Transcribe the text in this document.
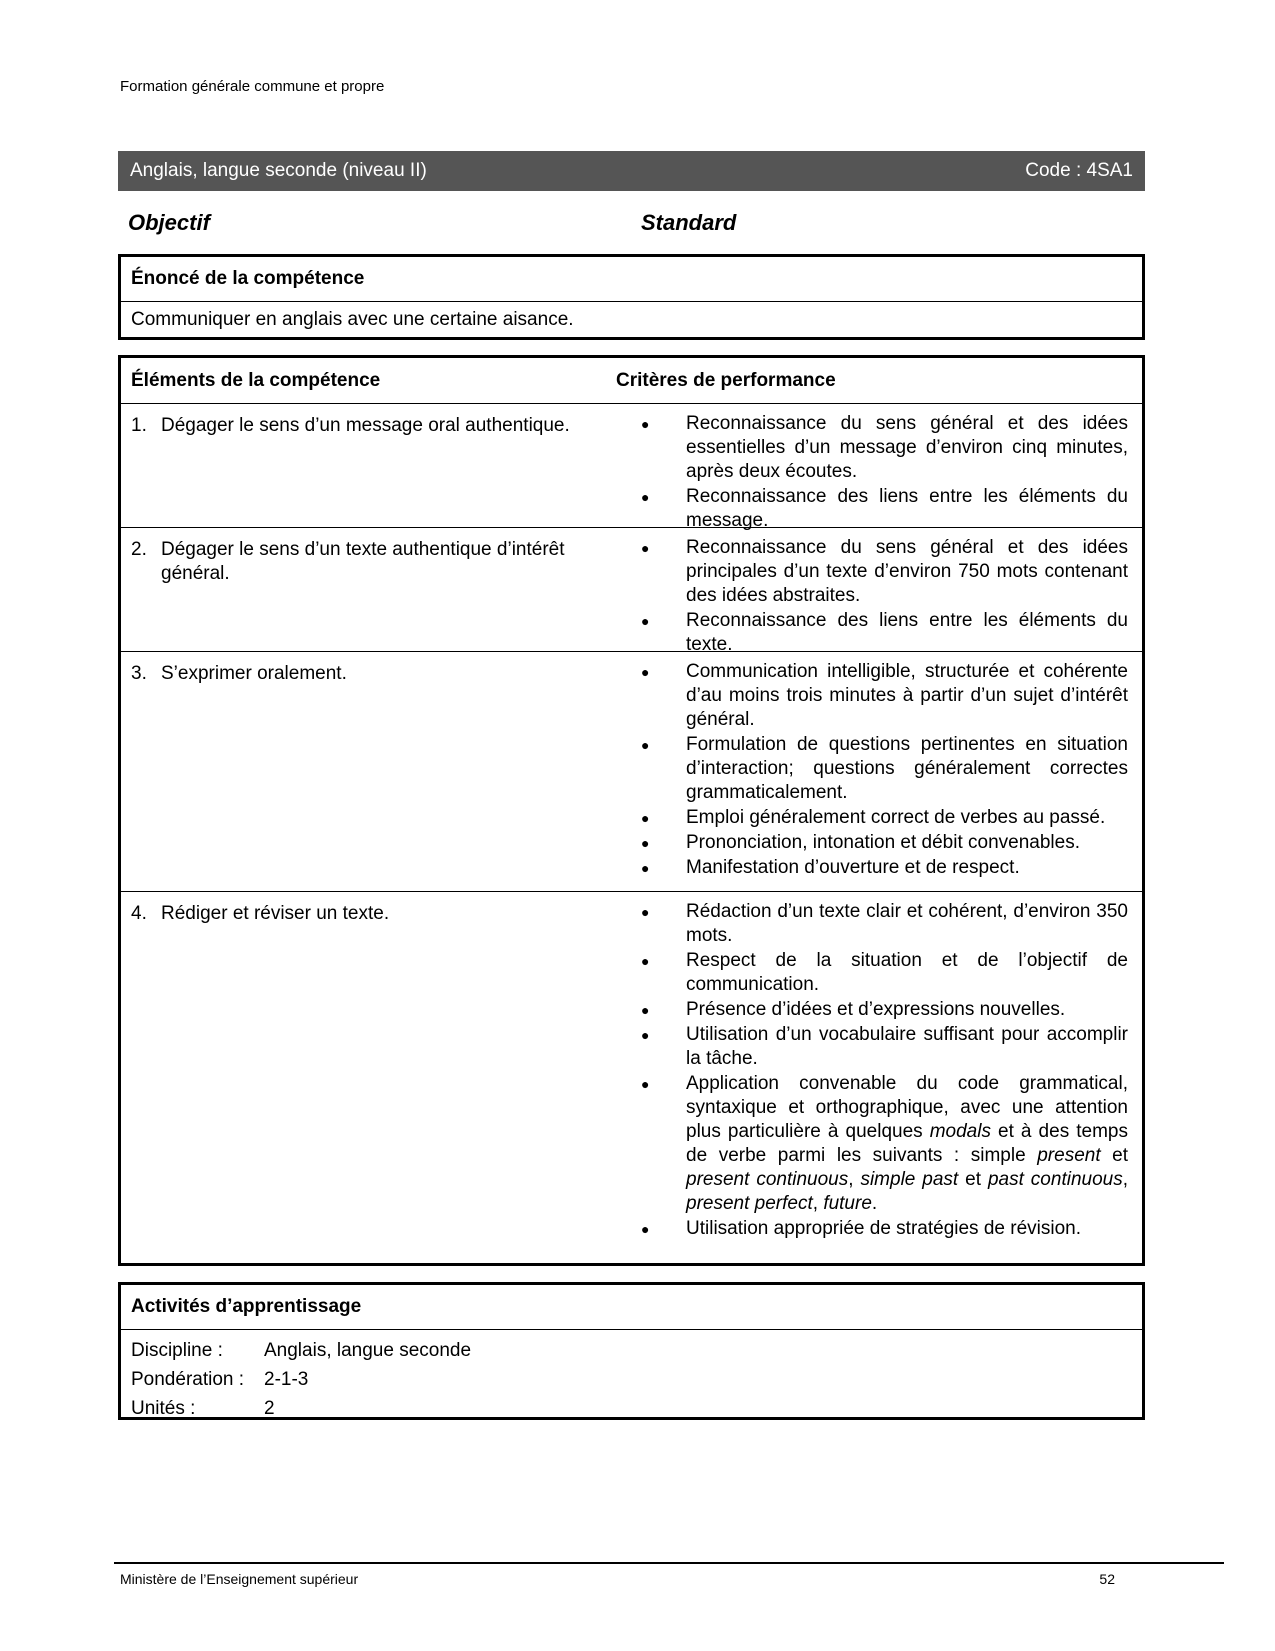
Formation générale commune et propre
Anglais, langue seconde (niveau II)	Code : 4SA1
Objectif	Standard
Énoncé de la compétence
Communiquer en anglais avec une certaine aisance.
Éléments de la compétence	Critères de performance
1. Dégager le sens d’un message oral authentique.	●	Reconnaissance du sens général et des idées essentielles d’un message d’environ cinq minutes, après deux écoutes.
●	Reconnaissance des liens entre les éléments du message.
2. Dégager le sens d’un texte authentique d’intérêt général.
●	Reconnaissance du sens général et des idées principales d’un texte d’environ 750 mots contenant des idées abstraites.
●	Reconnaissance des liens entre les éléments du texte.
3. S’exprimer oralement.	●	Communication intelligible, structurée et cohérente d’au moins trois minutes à partir d’un sujet d’intérêt général.
●	Formulation de questions pertinentes en situation d’interaction; questions généralement correctes grammaticalement.
●	Emploi généralement correct de verbes au passé.
●	Prononciation, intonation et débit convenables.
●	Manifestation d’ouverture et de respect.
4. Rédiger et réviser un texte.	●	Rédaction d’un texte clair et cohérent, d’environ 350 mots.
●	Respect de la situation et de l’objectif de communication.
●	Présence d’idées et d’expressions nouvelles.
●	Utilisation d’un vocabulaire suffisant pour accomplir la tâche.
●	Application convenable du code grammatical, syntaxique et orthographique, avec une attention plus particulière à quelques modals et à des temps de verbe parmi les suivants : simple present et present continuous, simple past et past continuous, present perfect, future.
●	Utilisation appropriée de stratégies de révision.
Activités d’apprentissage
Discipline :	Anglais, langue seconde
Pondération :	2-1-3
Unités :	2
Ministère de l’Enseignement supérieur	52
